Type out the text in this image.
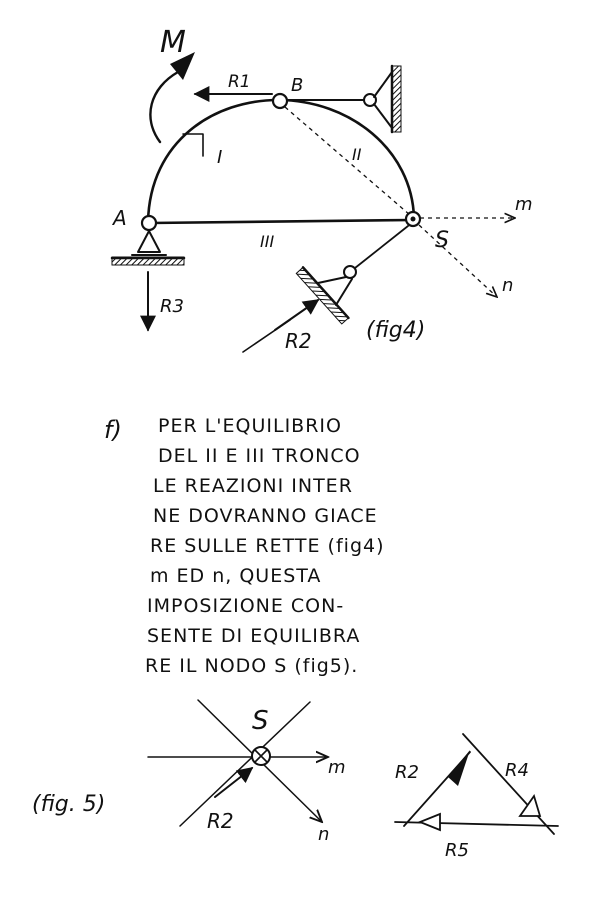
M
R1 B
I	II
III
A
S
m
n
R3
R2 (fig4)
f) PER L'EQUILIBRIO
DEL II E III TRONCO
LE REAZIONI INTER
NE DOVRANNO GIACE
RE SULLE RETTE (fig4)
m ED n, QUESTA
IMPOSIZIONE CON-
SENTE DI EQUILIBRA
RE IL NODO S (fig5).
S
m
n
R2
(fig. 5)
R2	R4
R5
